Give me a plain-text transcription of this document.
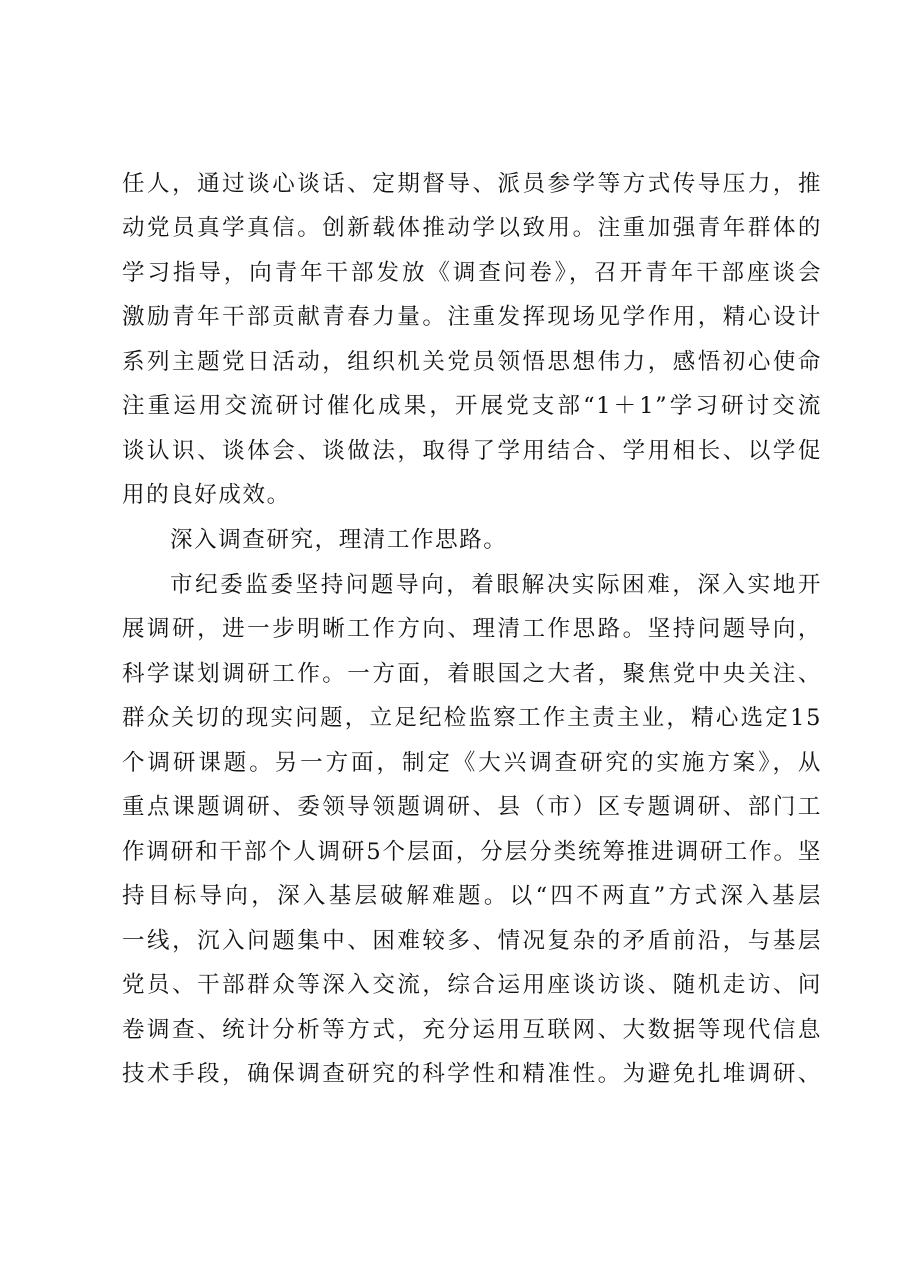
任人，通过谈心谈话、定期督导、派员参学等方式传导压力，推
动党员真学真信。创新载体推动学以致用。注重加强青年群体的
学习指导，向青年干部发放《调查问卷》，召开青年干部座谈会
激励青年干部贡献青春力量。注重发挥现场见学作用，精心设计
系列主题党日活动，组织机关党员领悟思想伟力，感悟初心使命
注重运用交流研讨催化成果，开展党支部“1＋1”学习研讨交流
谈认识、谈体会、谈做法，取得了学用结合、学用相长、以学促
用的良好成效。
深入调查研究，理清工作思路。
市纪委监委坚持问题导向，着眼解决实际困难，深入实地开
展调研，进一步明晰工作方向、理清工作思路。坚持问题导向，
科学谋划调研工作。一方面，着眼国之大者，聚焦党中央关注、
群众关切的现实问题，立足纪检监察工作主责主业，精心选定15
个调研课题。另一方面，制定《大兴调查研究的实施方案》，从
重点课题调研、委领导领题调研、县（市）区专题调研、部门工
作调研和干部个人调研5个层面，分层分类统筹推进调研工作。坚
持目标导向，深入基层破解难题。以“四不两直”方式深入基层
一线，沉入问题集中、困难较多、情况复杂的矛盾前沿，与基层
党员、干部群众等深入交流，综合运用座谈访谈、随机走访、问
卷调查、统计分析等方式，充分运用互联网、大数据等现代信息
技术手段，确保调查研究的科学性和精准性。为避免扎堆调研、
